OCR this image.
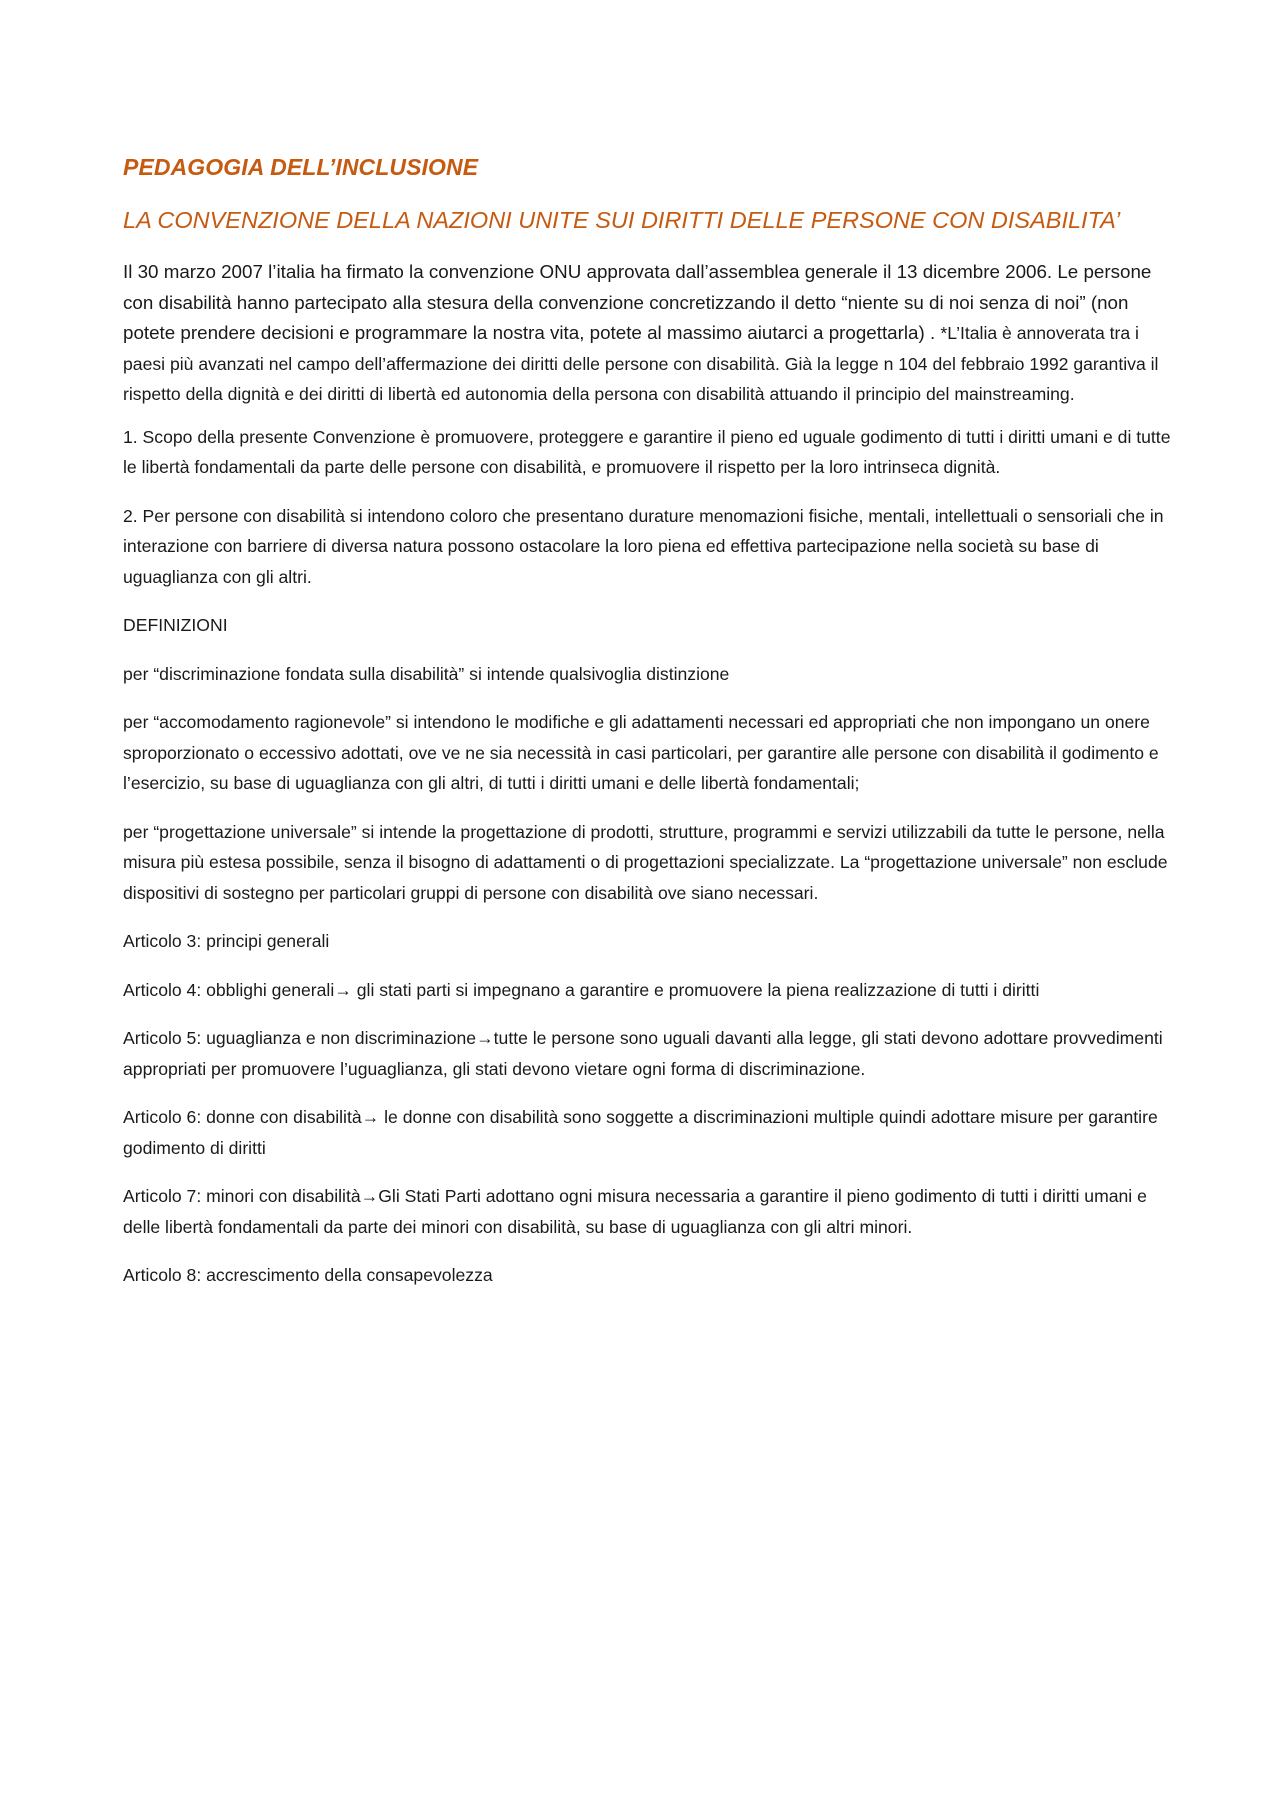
PEDAGOGIA DELL’INCLUSIONE
LA CONVENZIONE DELLA NAZIONI UNITE SUI DIRITTI DELLE PERSONE CON DISABILITA’

Il 30 marzo 2007 l’italia ha firmato la convenzione ONU approvata dall’assemblea generale il 13 dicembre 2006. Le persone con disabilità hanno partecipato alla stesura della convenzione concretizzando il detto “niente su di noi senza di noi” (non potete prendere decisioni e programmare la nostra vita, potete al massimo aiutarci a progettarla) . *L’Italia è annoverata tra i paesi più avanzati nel campo dell’affermazione dei diritti delle persone con disabilità. Già la legge n 104 del febbraio 1992 garantiva il rispetto della dignità e dei diritti di libertà ed autonomia della persona con disabilità attuando il principio del mainstreaming.

1. Scopo della presente Convenzione è promuovere, proteggere e garantire il pieno ed uguale godimento di tutti i diritti umani e di tutte le libertà fondamentali da parte delle persone con disabilità, e promuovere il rispetto per la loro intrinseca dignità.

2. Per persone con disabilità si intendono coloro che presentano durature menomazioni fisiche, mentali, intellettuali o sensoriali che in interazione con barriere di diversa natura possono ostacolare la loro piena ed effettiva partecipazione nella società su base di uguaglianza con gli altri.

DEFINIZIONI

per “discriminazione fondata sulla disabilità” si intende qualsivoglia distinzione

per “accomodamento ragionevole” si intendono le modifiche e gli adattamenti necessari ed appropriati che non impongano un onere sproporzionato o eccessivo adottati, ove ve ne sia necessità in casi particolari, per garantire alle persone con disabilità il godimento e l’esercizio, su base di uguaglianza con gli altri, di tutti i diritti umani e delle libertà fondamentali;

per “progettazione universale” si intende la progettazione di prodotti, strutture, programmi e servizi utilizzabili da tutte le persone, nella misura più estesa possibile, senza il bisogno di adattamenti o di progettazioni specializzate. La “progettazione universale” non esclude dispositivi di sostegno per particolari gruppi di persone con disabilità ove siano necessari.

Articolo 3: principi generali

Articolo 4: obblighi generali→ gli stati parti si impegnano a garantire e promuovere la piena realizzazione di tutti i diritti

Articolo 5: uguaglianza e non discriminazione→tutte le persone sono uguali davanti alla legge, gli stati devono adottare provvedimenti appropriati per promuovere l’uguaglianza, gli stati devono vietare ogni forma di discriminazione.

Articolo 6: donne con disabilità→ le donne con disabilità sono soggette a discriminazioni multiple quindi adottare misure per garantire godimento di diritti

Articolo 7: minori con disabilità→Gli Stati Parti adottano ogni misura necessaria a garantire il pieno godimento di tutti i diritti umani e delle libertà fondamentali da parte dei minori con disabilità, su base di uguaglianza con gli altri minori.

Articolo 8: accrescimento della consapevolezza
